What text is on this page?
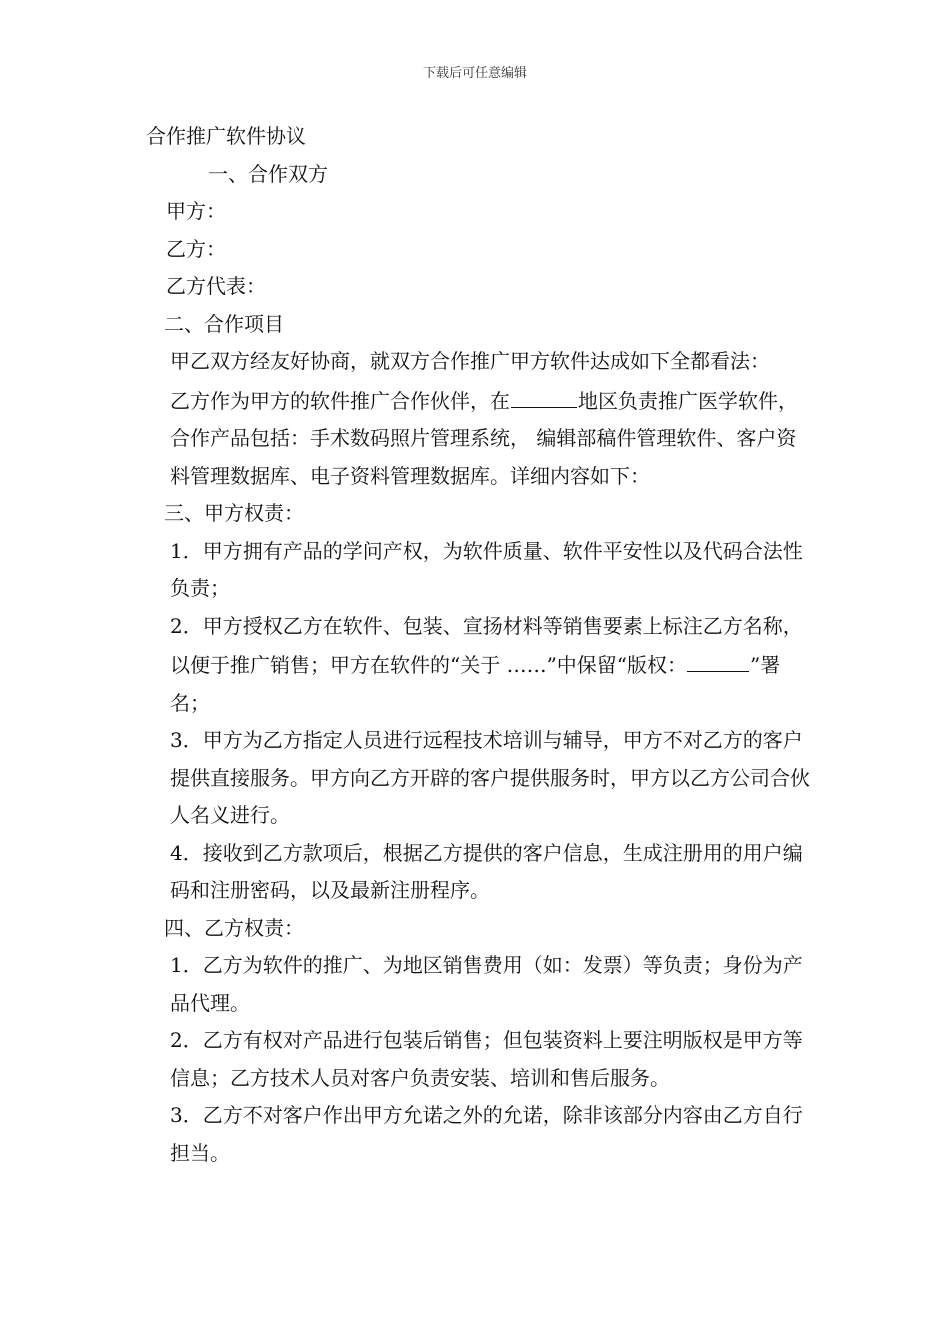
下载后可任意编辑

合作推广软件协议

一、合作双方

甲方：

乙方：

乙方代表：

二、合作项目

甲乙双方经友好协商，就双方合作推广甲方软件达成如下全都看法：

乙方作为甲方的软件推广合作伙伴，在	地区负责推广医学软件，合作产品包括：手术数码照片管理系统， 编辑部稿件管理软件、客户资料管理数据库、电子资料管理数据库。详细内容如下：

三、甲方权责：

1．甲方拥有产品的学问产权，为软件质量、软件平安性以及代码合法性负责；

2．甲方授权乙方在软件、包装、宣扬材料等销售要素上标注乙方名称，以便于推广销售；甲方在软件的“关于 ……”中保留“版权：	”署名；

3．甲方为乙方指定人员进行远程技术培训与辅导，甲方不对乙方的客户提供直接服务。甲方向乙方开辟的客户提供服务时，甲方以乙方公司合伙人名义进行。

4．接收到乙方款项后，根据乙方提供的客户信息，生成注册用的用户编码和注册密码，以及最新注册程序。

四、乙方权责：

1．乙方为软件的推广、为地区销售费用（如：发票）等负责；身份为产品代理。

2．乙方有权对产品进行包装后销售；但包装资料上要注明版权是甲方等信息；乙方技术人员对客户负责安装、培训和售后服务。

3．乙方不对客户作出甲方允诺之外的允诺，除非该部分内容由乙方自行担当。
